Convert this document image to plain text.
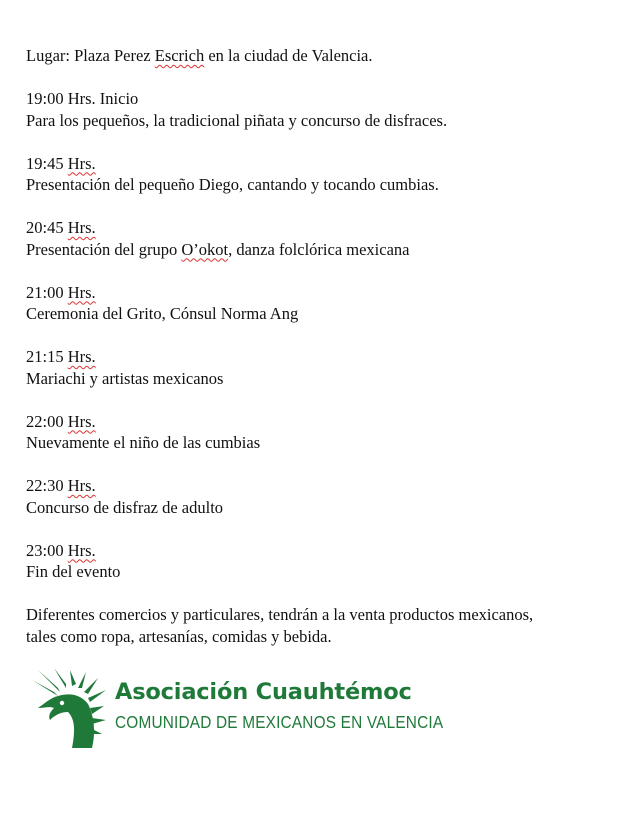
Lugar: Plaza Perez Escrich en la ciudad de Valencia.
19:00 Hrs. Inicio
Para los pequeños, la tradicional piñata y concurso de disfraces.
19:45 Hrs.
Presentación del pequeño Diego, cantando y tocando cumbias.
20:45 Hrs.
Presentación del grupo O’okot, danza folclórica mexicana
21:00 Hrs.
Ceremonia del Grito, Cónsul Norma Ang
21:15 Hrs.
Mariachi y artistas mexicanos
22:00 Hrs.
Nuevamente el niño de las cumbias
22:30 Hrs.
Concurso de disfraz de adulto
23:00 Hrs.
Fin del evento
Diferentes comercios y particulares, tendrán a la venta productos mexicanos,
tales como ropa, artesanías, comidas y bebida.
Asociación Cuauhtémoc
COMUNIDAD DE MEXICANOS EN VALENCIA
